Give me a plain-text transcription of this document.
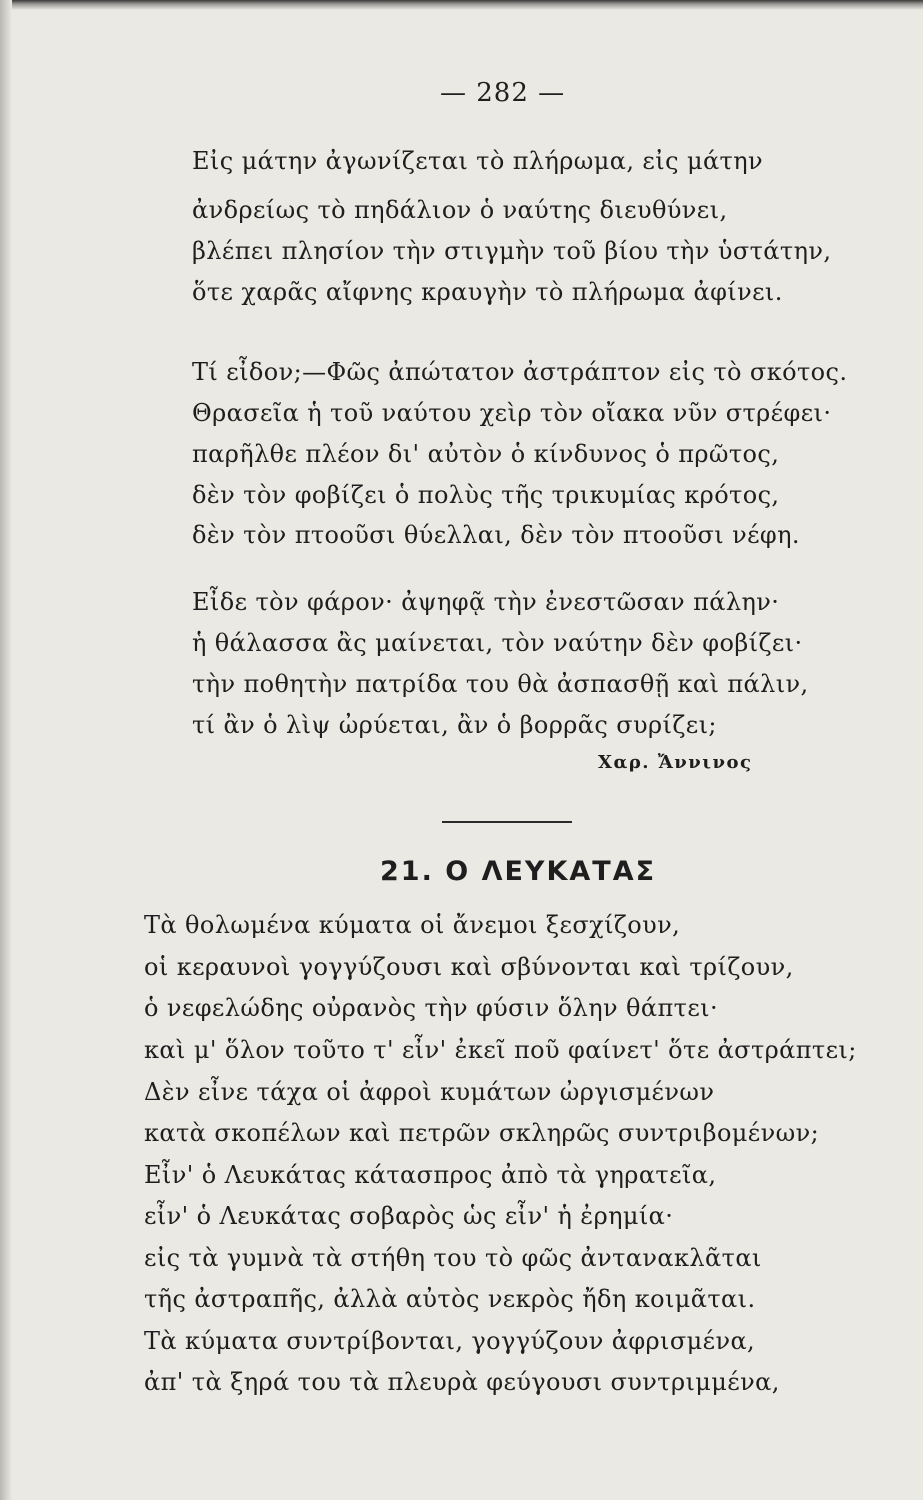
— 282 —
Εἰς μάτην ἀγωνίζεται τὸ πλήρωμα, εἰς μάτην
ἀνδρείως τὸ πηδάλιον ὁ ναύτης διευθύνει,
βλέπει πλησίον τὴν στιγμὴν τοῦ βίου τὴν ὑστάτην,
ὅτε χαρᾶς αἴφνης κραυγὴν τὸ πλήρωμα ἀφίνει.
Τί εἶδον;—Φῶς ἀπώτατον ἀστράπτον εἰς τὸ σκότος.
Θρασεῖα ἡ τοῦ ναύτου χεὶρ τὸν οἴακα νῦν στρέφει·
παρῆλθε πλέον δι' αὐτὸν ὁ κίνδυνος ὁ πρῶτος,
δὲν τὸν φοβίζει ὁ πολὺς τῆς τρικυμίας κρότος,
δὲν τὸν πτοοῦσι θύελλαι, δὲν τὸν πτοοῦσι νέφη.
Εἶδε τὸν φάρον· ἀψηφᾷ τὴν ἐνεστῶσαν πάλην·
ἡ θάλασσα ἂς μαίνεται, τὸν ναύτην δὲν φοβίζει·
τὴν ποθητὴν πατρίδα του θὰ ἀσπασθῇ καὶ πάλιν,
τί ἂν ὁ λὶψ ὠρύεται, ἂν ὁ βορρᾶς συρίζει;
Χαρ. Ἄννινος
21. Ο ΛΕΥΚΑΤΑΣ
Τὰ θολωμένα κύματα οἱ ἄνεμοι ξεσχίζουν,
οἱ κεραυνοὶ γογγύζουσι καὶ σβύνονται καὶ τρίζουν,
ὁ νεφελώδης οὐρανὸς τὴν φύσιν ὅλην θάπτει·
καὶ μ' ὅλον τοῦτο τ' εἶν' ἐκεῖ ποῦ φαίνετ' ὅτε ἀστράπτει;
Δὲν εἶνε τάχα οἱ ἀφροὶ κυμάτων ὠργισμένων
κατὰ σκοπέλων καὶ πετρῶν σκληρῶς συντριβομένων;
Εἶν' ὁ Λευκάτας κάτασπρος ἀπὸ τὰ γηρατεῖα,
εἶν' ὁ Λευκάτας σοβαρὸς ὡς εἶν' ἡ ἐρημία·
εἰς τὰ γυμνὰ τὰ στήθη του τὸ φῶς ἀντανακλᾶται
τῆς ἀστραπῆς, ἀλλὰ αὐτὸς νεκρὸς ἤδη κοιμᾶται.
Τὰ κύματα συντρίβονται, γογγύζουν ἀφρισμένα,
ἀπ' τὰ ξηρά του τὰ πλευρὰ φεύγουσι συντριμμένα,
